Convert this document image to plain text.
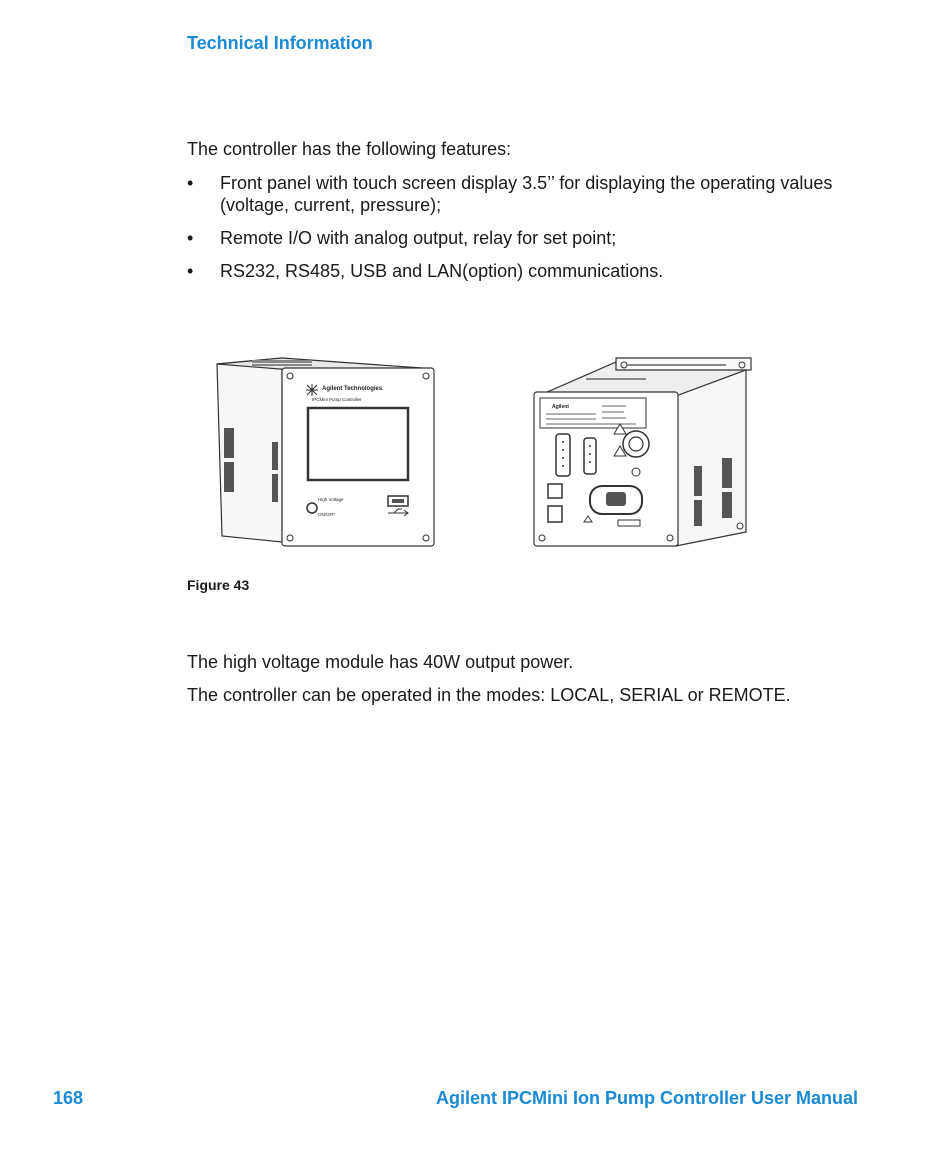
Technical Information
The controller has the following features:
• Front panel with touch screen display 3.5’’ for displaying the operating values (voltage, current, pressure);
• Remote I/O with analog output, relay for set point;
• RS232, RS485, USB and LAN(option) communications.
Agilent Technologies
IPCMini Pump Controller
High Voltage
ON/OFF
Agilent
Figure 43
The high voltage module has 40W output power.
The controller can be operated in the modes: LOCAL, SERIAL or REMOTE.
168	Agilent IPCMini Ion Pump Controller User Manual
